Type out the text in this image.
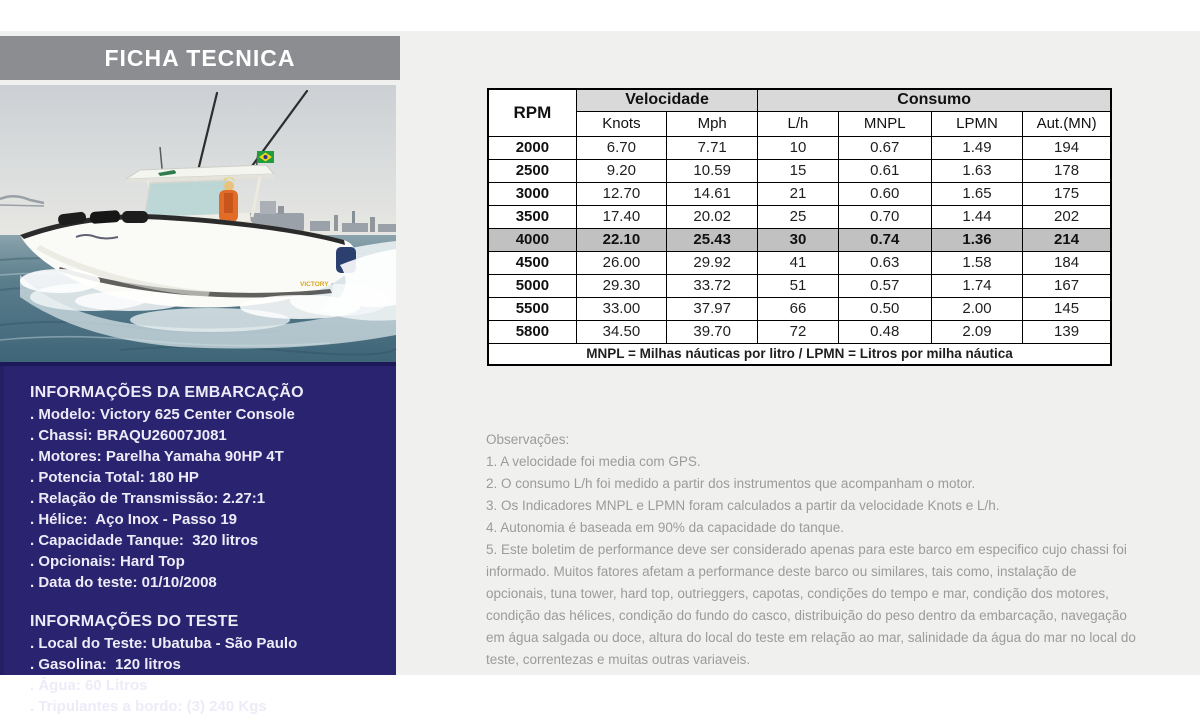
FICHA TECNICA
VICTORY
INFORMAÇÕES DA EMBARCAÇÃO
. Modelo: Victory 625 Center Console
. Chassi: BRAQU26007J081
. Motores: Parelha Yamaha 90HP 4T
. Potencia Total: 180 HP
. Relação de Transmissão: 2.27:1
. Hélice:  Aço Inox - Passo 19
. Capacidade Tanque:  320 litros
. Opcionais: Hard Top
. Data do teste: 01/10/2008
INFORMAÇÕES DO TESTE
. Local do Teste: Ubatuba - São Paulo
. Gasolina:  120 litros
. Água: 60 Litros
. Tripulantes a bordo: (3) 240 Kgs
RPM	Velocidade		Consumo			
	Knots	Mph	L/h	MNPL	LPMN	Aut.(MN)
2000	6.70	7.71	10	0.67	1.49	194
2500	9.20	10.59	15	0.61	1.63	178
3000	12.70	14.61	21	0.60	1.65	175
3500	17.40	20.02	25	0.70	1.44	202
4000	22.10	25.43	30	0.74	1.36	214
4500	26.00	29.92	41	0.63	1.58	184
5000	29.30	33.72	51	0.57	1.74	167
5500	33.00	37.97	66	0.50	2.00	145
5800	34.50	39.70	72	0.48	2.09	139
MNPL = Milhas náuticas por litro / LPMN = Litros por milha náutica						

Observações:

1. A velocidade foi media com GPS.

2. O consumo L/h foi medido a partir dos instrumentos que acompanham o motor.

3. Os Indicadores MNPL e LPMN foram calculados a partir da velocidade Knots e L/h.

4. Autonomia é baseada em 90% da capacidade do tanque.

5. Este boletim de performance deve ser considerado apenas para este barco em especifico cujo chassi foi informado. Muitos fatores afetam a performance deste barco ou similares, tais como, instalação de opcionais, tuna tower, hard top, outrieggers, capotas, condições do tempo e mar, condição dos motores, condição das hélices, condição do fundo do casco, distribuição do peso dentro da embarcação, navegação em água salgada ou doce, altura do local do teste em relação ao mar, salinidade da água do mar no local do teste, correntezas e muitas outras variaveis.
